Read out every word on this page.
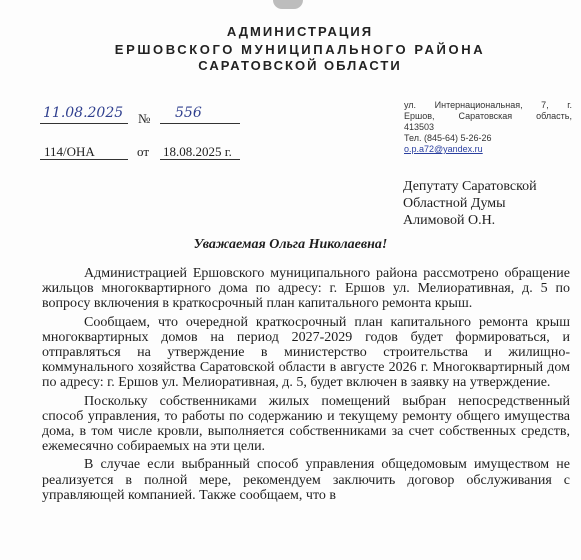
АДМИНИСТРАЦИЯ
ЕРШОВСКОГО МУНИЦИПАЛЬНОГО РАЙОНА
САРАТОВСКОЙ ОБЛАСТИ
11.08.2025 № 556
114/ОНА	от 18.08.2025 г.
ул. Интернациональная, 7, г.
Ершов, Саратовская область,
413503
Тел. (845-64) 5-26-26
o.p.a72@yandex.ru
Депутату Саратовской
Областной Думы
Алимовой О.Н.
Уважаемая Ольга Николаевна!

Администрацией Ершовского муниципального района рассмотрено обращение жильцов многоквартирного дома по адресу: г. Ершов ул. Мелиоративная, д. 5 по вопросу включения в краткосрочный план капитального ремонта крыш.

Сообщаем, что очередной краткосрочный план капитального ремонта крыш многоквартирных домов на период 2027-2029 годов будет формироваться, и отправляться на утверждение в министерство строительства и жилищно-коммунального хозяйства Саратовской области в августе 2026 г. Многоквартирный дом по адресу: г. Ершов ул. Мелиоративная, д. 5, будет включен в заявку на утверждение.

Поскольку собственниками жилых помещений выбран непосредственный способ управления, то работы по содержанию и текущему ремонту общего имущества дома, в том числе кровли, выполняется собственниками за счет собственных средств, ежемесячно собираемых на эти цели.

В случае если выбранный способ управления общедомовым имуществом не реализуется в полной мере, рекомендуем заключить договор обслуживания с управляющей компанией. Также сообщаем, что в
